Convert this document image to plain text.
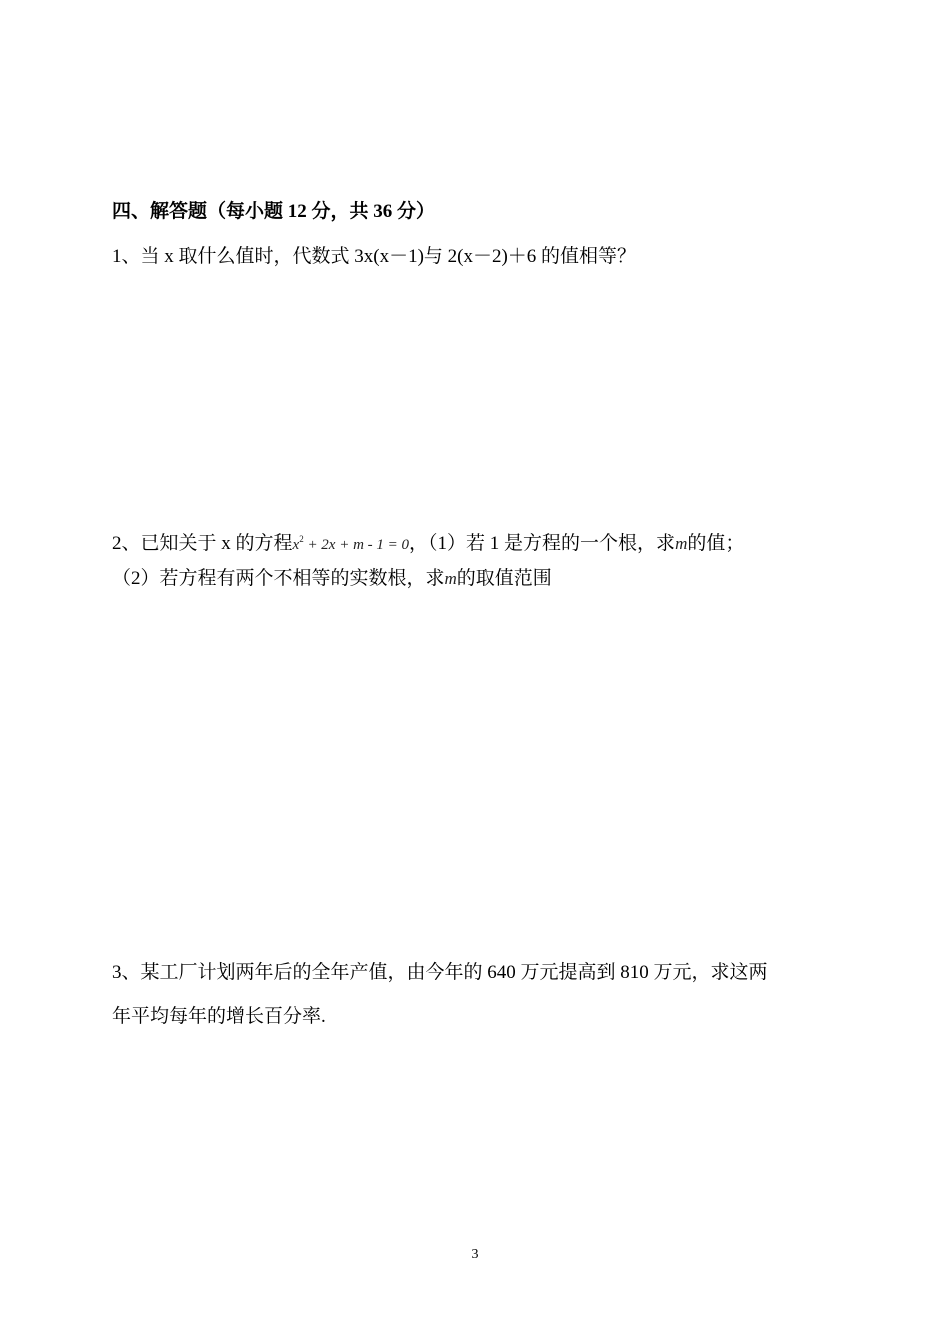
四、解答题（每小题 12 分，共 36 分）
1、当 x 取什么值时，代数式 3x(x－1)与 2(x－2)＋6 的值相等？
2、已知关于 x 的方程$x^2 + 2x + m - 1 = 0$，（1）若 1 是方程的一个根，求m的值；
（2）若方程有两个不相等的实数根，求m的取值范围
3、某工厂计划两年后的全年产值，由今年的 640 万元提高到 810 万元，求这两
年平均每年的增长百分率.
3
